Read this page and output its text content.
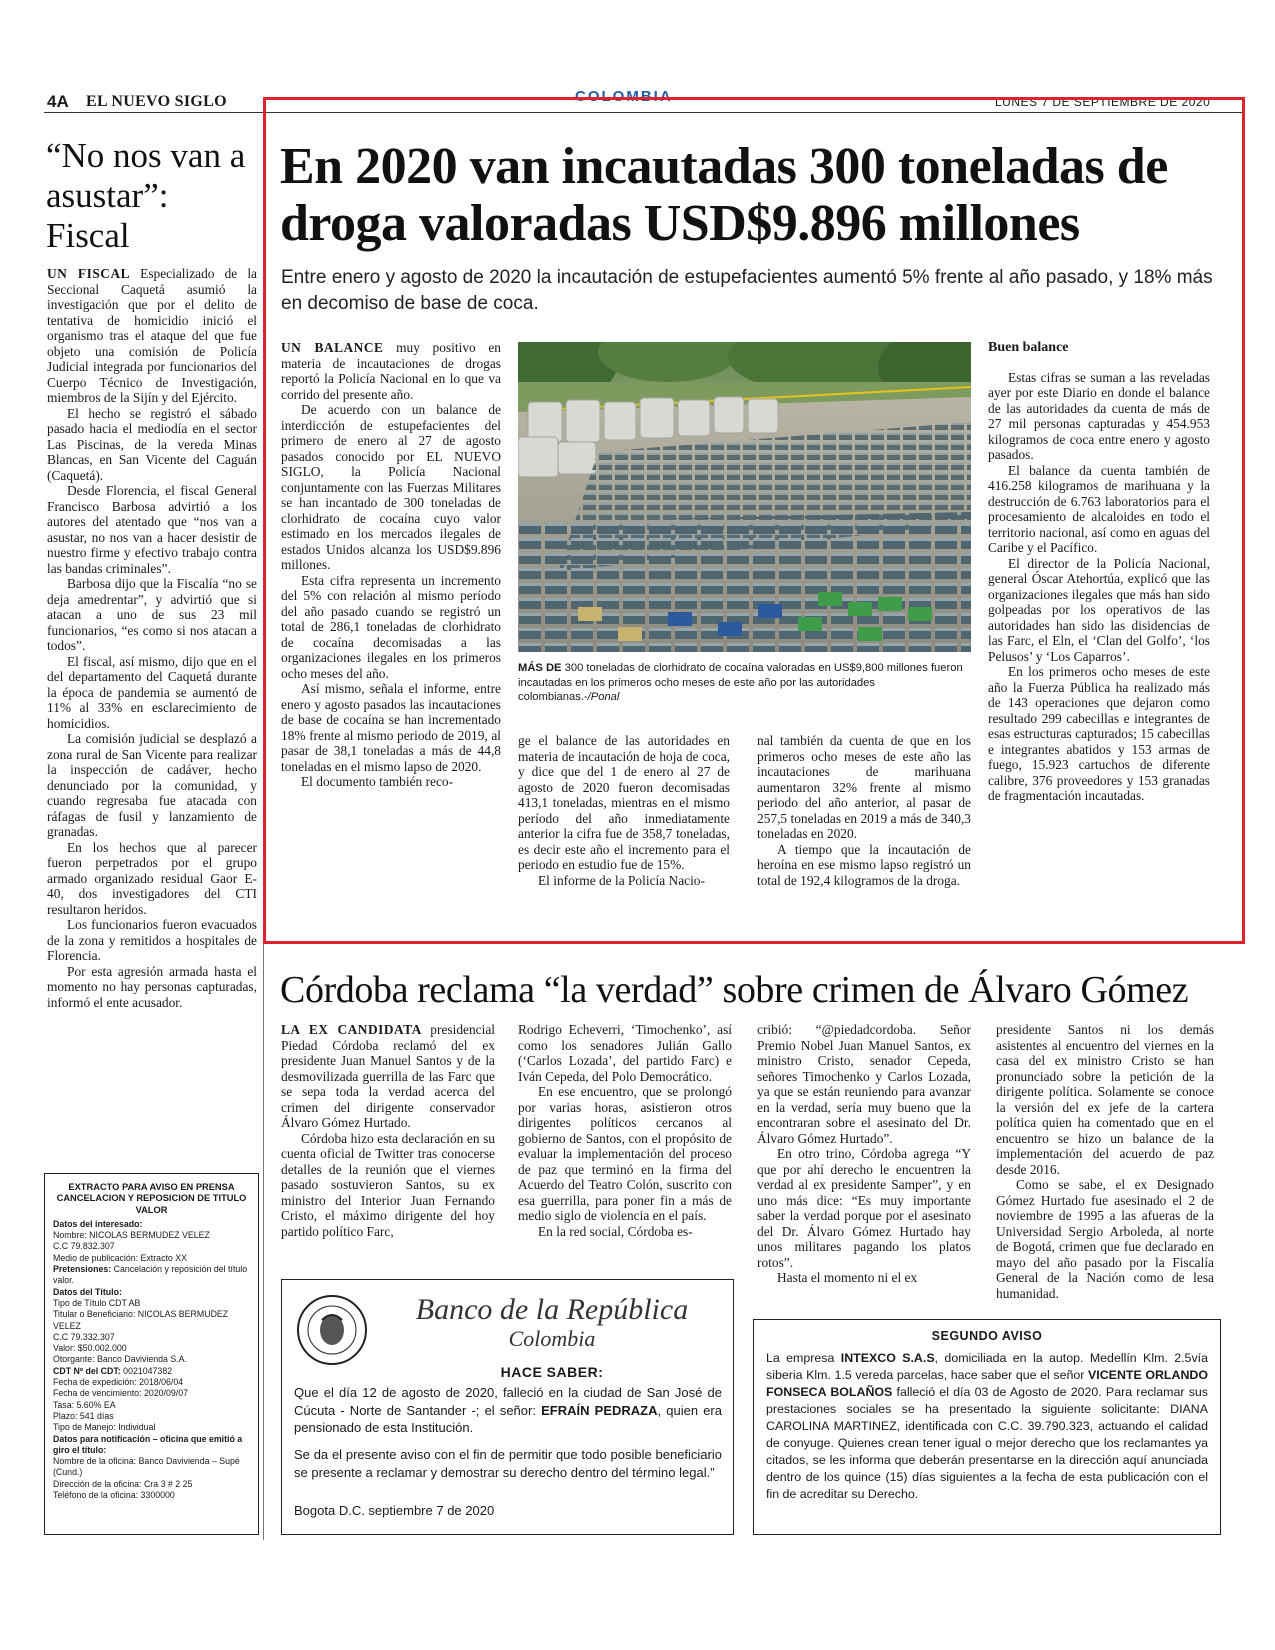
4A EL NUEVO SIGLO	COLOMBIA	LUNES 7 DE SEPTIEMBRE DE 2020
“No nos van a asustar”: Fiscal

UN FISCAL Especializado de la Seccional Caquetá asumió la investigación que por el delito de tentativa de homicidio inició el organismo tras el ataque del que fue objeto una comisión de Policía Judicial integrada por funcionarios del Cuerpo Técnico de Investigación, miembros de la Sijín y del Ejército.

El hecho se registró el sábado pasado hacia el mediodía en el sector Las Piscinas, de la vereda Minas Blancas, en San Vicente del Caguán (Caquetá).

Desde Florencia, el fiscal General Francisco Barbosa advirtió a los autores del atentado que “nos van a asustar, no nos van a hacer desistir de nuestro firme y efectivo trabajo contra las bandas criminales”.

Barbosa dijo que la Fiscalía “no se deja amedrentar”, y advirtió que si atacan a uno de sus 23 mil funcionarios, “es como si nos atacan a todos”.

El fiscal, así mismo, dijo que en el del departamento del Caquetá durante la época de pandemia se aumentó de 11% al 33% en esclarecimiento de homicidios.

La comisión judicial se desplazó a zona rural de San Vicente para realizar la inspección de cadáver, hecho denunciado por la comunidad, y cuando regresaba fue atacada con ráfagas de fusil y lanzamiento de granadas.

En los hechos que al parecer fueron perpetrados por el grupo armado organizado residual Gaor E-40, dos investigadores del CTI resultaron heridos.

Los funcionarios fueron evacuados de la zona y remitidos a hospitales de Florencia.

Por esta agresión armada hasta el momento no hay personas capturadas, informó el ente acusador.

En 2020 van incautadas 300 toneladas de droga valoradas USD$9.896 millones
Entre enero y agosto de 2020 la incautación de estupefacientes aumentó 5% frente al año pasado, y 18% más en decomiso de base de coca.

UN BALANCE muy positivo en materia de incautaciones de drogas reportó la Policía Nacional en lo que va corrido del presente año.

De acuerdo con un balance de interdicción de estupefacientes del primero de enero al 27 de agosto pasados conocido por EL NUEVO SIGLO, la Policía Nacional conjuntamente con las Fuerzas Militares se han incantado de 300 toneladas de clorhidrato de cocaína cuyo valor estimado en los mercados ilegales de estados Unidos alcanza los USD$9.896 millones.

Esta cifra representa un incremento del 5% con relación al mismo período del año pasado cuando se registró un total de 286,1 toneladas de clorhidrato de cocaína decomisadas a las organizaciones ilegales en los primeros ocho meses del año.

Así mismo, señala el informe, entre enero y agosto pasados las incautaciones de base de cocaína se han incrementado 18% frente al mismo periodo de 2019, al pasar de 38,1 toneladas a más de 44,8 toneladas en el mismo lapso de 2020.

El documento también reco-

MÁS DE 300 toneladas de clorhidrato de cocaína valoradas en US$9,800 millones fueron incautadas en los primeros ocho meses de este año por las autoridades colombianas.-/Ponal

ge el balance de las autoridades en materia de incautación de hoja de coca, y dice que del 1 de enero al 27 de agosto de 2020 fueron decomisadas 413,1 toneladas, mientras en el mismo período del año inmediatamente anterior la cifra fue de 358,7 toneladas, es decir este año el incremento para el periodo en estudio fue de 15%.

El informe de la Policía Nacio-

nal también da cuenta de que en los primeros ocho meses de este año las incautaciones de marihuana aumentaron 32% frente al mismo periodo del año anterior, al pasar de 257,5 toneladas en 2019 a más de 340,3 toneladas en 2020.

A tiempo que la incautación de heroína en ese mismo lapso registró un total de 192,4 kilogramos de la droga.

Buen balance

Estas cifras se suman a las reveladas ayer por este Diario en donde el balance de las autoridades da cuenta de más de 27 mil personas capturadas y 454.953 kilogramos de coca entre enero y agosto pasados.

El balance da cuenta también de 416.258 kilogramos de marihuana y la destrucción de 6.763 laboratorios para el procesamiento de alcaloides en todo el territorio nacional, así como en aguas del Caribe y el Pacífico.

El director de la Policía Nacional, general Óscar Atehortúa, explicó que las organizaciones ilegales que más han sido golpeadas por los operativos de las autoridades han sido las disidencias de las Farc, el Eln, el ‘Clan del Golfo’, ‘los Pelusos’ y ‘Los Caparros’.

En los primeros ocho meses de este año la Fuerza Pública ha realizado más de 143 operaciones que dejaron como resultado 299 cabecillas e integrantes de esas estructuras capturados; 15 cabecillas e integrantes abatidos y 153 armas de fuego, 15.923 cartuchos de diferente calibre, 376 proveedores y 153 granadas de fragmentación incautadas.

Córdoba reclama “la verdad” sobre crimen de Álvaro Gómez

LA EX CANDIDATA presidencial Piedad Córdoba reclamó del ex presidente Juan Manuel Santos y de la desmovilizada guerrilla de las Farc que se sepa toda la verdad acerca del crimen del dirigente conservador Álvaro Gómez Hurtado.

Córdoba hizo esta declaración en su cuenta oficial de Twitter tras conocerse detalles de la reunión que el viernes pasado sostuvieron Santos, su ex ministro del Interior Juan Fernando Cristo, el máximo dirigente del hoy partido político Farc,

Rodrigo Echeverri, ‘Timochenko’, así como los senadores Julián Gallo (‘Carlos Lozada’, del partido Farc) e Iván Cepeda, del Polo Democrático.

En ese encuentro, que se prolongó por varias horas, asistieron otros dirigentes políticos cercanos al gobierno de Santos, con el propósito de evaluar la implementación del proceso de paz que terminó en la firma del Acuerdo del Teatro Colón, suscrito con esa guerrilla, para poner fin a más de medio siglo de violencia en el país.

En la red social, Córdoba es-

cribió: “@piedadcordoba. Señor Premio Nobel Juan Manuel Santos, ex ministro Cristo, senador Cepeda, señores Timochenko y Carlos Lozada, ya que se están reuniendo para avanzar en la verdad, sería muy bueno que la encontraran sobre el asesinato del Dr. Álvaro Gómez Hurtado”.

En otro trino, Córdoba agrega “Y que por ahí derecho le encuentren la verdad al ex presidente Samper”, y en uno más dice: “Es muy importante saber la verdad porque por el asesinato del Dr. Álvaro Gómez Hurtado hay unos militares pagando los platos rotos”.

Hasta el momento ni el ex

presidente Santos ni los demás asistentes al encuentro del viernes en la casa del ex ministro Cristo se han pronunciado sobre la petición de la dirigente política. Solamente se conoce la versión del ex jefe de la cartera política quien ha comentado que en el encuentro se hizo un balance de la implementación del acuerdo de paz desde 2016.

Como se sabe, el ex Designado Gómez Hurtado fue asesinado el 2 de noviembre de 1995 a las afueras de la Universidad Sergio Arboleda, al norte de Bogotá, crimen que fue declarado en mayo del año pasado por la Fiscalía General de la Nación como de lesa humanidad.

EXTRACTO PARA AVISO EN PRENSA CANCELACION Y REPOSICION DE TITULO VALOR
Datos del interesado:
Nombre: NICOLAS BERMUDEZ VELEZ
C.C 79.832.307
Medio de publicación: Extracto XX
Pretensiones: Cancelación y reposición del título valor.
Datos del Título:
Tipo de Título CDT AB
Titular o Beneficiario: NICOLAS BERMUDEZ VELEZ
C.C 79.332.307
Valor: $50.002.000
Otorgante: Banco Davivienda S.A.
CDT Nº del CDT: 0021047382
Fecha de expedición: 2018/06/04
Fecha de vencimiento: 2020/09/07
Tasa: 5.60% EA
Plazo: 541 días
Tipo de Manejo: Individual
Datos para notificación – oficina que emitió a giro el título:
Nombre de la oficina: Banco Davivienda – Supé (Cund.)
Dirección de la oficina: Cra 3 # 2 25
Teléfono de la oficina: 3300000
Banco de la República
Colombia
HACE SABER:
Que el día 12 de agosto de 2020, falleció en la ciudad de San José de Cúcuta - Norte de Santander -; el señor: EFRAÍN PEDRAZA, quien era pensionado de esta Institución.
Se da el presente aviso con el fin de permitir que todo posible beneficiario se presente a reclamar y demostrar su derecho dentro del término legal.”
Bogota D.C. septiembre 7 de 2020
SEGUNDO AVISO
La empresa INTEXCO S.A.S, domiciliada en la autop. Medellín Klm. 2.5vía siberia Klm. 1.5 vereda parcelas, hace saber que el señor VICENTE ORLANDO FONSECA BOLAÑOS falleció el día 03 de Agosto de 2020. Para reclamar sus prestaciones sociales se ha presentado la siguiente solicitante: DIANA CAROLINA MARTINEZ, identificada con C.C. 39.790.323, actuando el calidad de conyuge. Quienes crean tener igual o mejor derecho que los reclamantes ya citados, se les informa que deberán presentarse en la dirección aquí anunciada dentro de los quince (15) días siguientes a la fecha de esta publicación con el fin de acreditar su Derecho.
